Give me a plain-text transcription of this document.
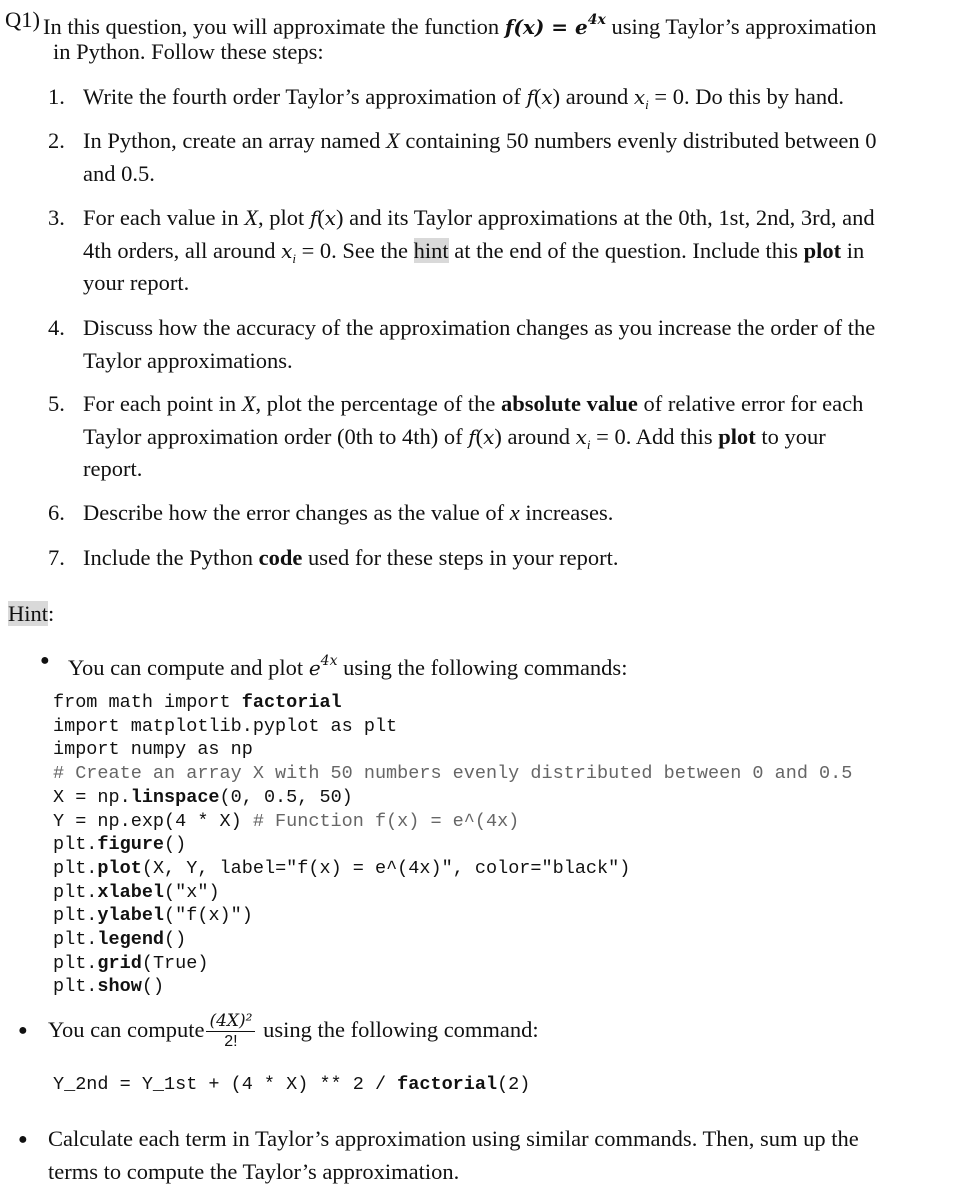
Q1) In this question, you will approximate the function $f(x) = e^{4x}$ using Taylor’s approximation
in Python. Follow these steps:
1. Write the fourth order Taylor’s approximation of f(x) around $x_i = 0$. Do this by hand.
2. In Python, create an array named X containing 50 numbers evenly distributed between 0
and 0.5.
3. For each value in X, plot f(x) and its Taylor approximations at the 0th, 1st, 2nd, 3rd, and
4th orders, all around $x_i = 0$. See the hint at the end of the question. Include this plot in
your report.
4. Discuss how the accuracy of the approximation changes as you increase the order of the
Taylor approximations.
5. For each point in X, plot the percentage of the absolute value of relative error for each
Taylor approximation order (0th to 4th) of f(x) around $x_i = 0$. Add this plot to your
report.
6. Describe how the error changes as the value of x increases.
7. Include the Python code used for these steps in your report.
Hint:
● You can compute and plot $e^{4x}$ using the following commands:
from math import factorial
import matplotlib.pyplot as plt
import numpy as np
# Create an array X with 50 numbers evenly distributed between 0 and 0.5
X = np.linspace(0, 0.5, 50)
Y = np.exp(4 * X) # Function f(x) = e^(4x)
plt.figure()
plt.plot(X, Y, label="f(x) = e^(4x)", color="black")
plt.xlabel("x")
plt.ylabel("f(x)")
plt.legend()
plt.grid(True)
plt.show()
● You can compute $\frac{\text{(4X)²}}{2!}$ using the following command:
Y_2nd = Y_1st + (4 * X) ** 2 / factorial(2)
● Calculate each term in Taylor’s approximation using similar commands. Then, sum up the
terms to compute the Taylor’s approximation.
